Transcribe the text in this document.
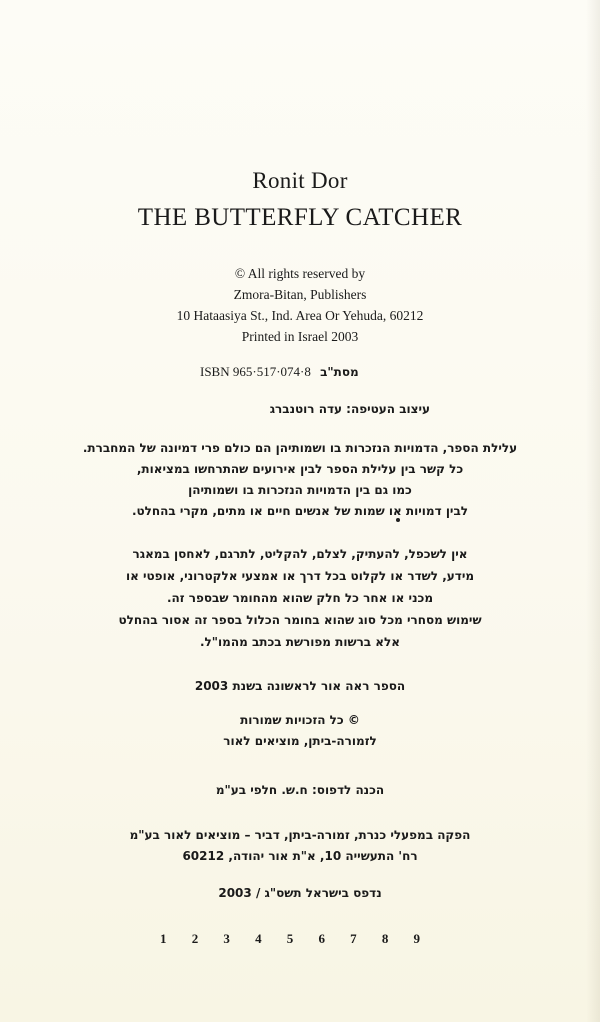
Ronit Dor
THE BUTTERFLY CATCHER
© All rights reserved by
Zmora-Bitan, Publishers
10 Hataasiya St., Ind. Area Or Yehuda, 60212
Printed in Israel 2003
ISBN 965·517·074·8 מסת"ב
עיצוב העטיפה: עדה רוטנברג
עלילת הספר, הדמויות הנזכרות בו ושמותיהן הם כולם פרי דמיונה של המחברת.
כל קשר בין עלילת הספר לבין אירועים שהתרחשו במציאות,
כמו גם בין הדמויות הנזכרות בו ושמותיהן
לבין דמויות או שמות של אנשים חיים או מתים, מקרי בהחלט.
אין לשכפל, להעתיק, לצלם, להקליט, לתרגם, לאחסן במאגר
מידע, לשדר או לקלוט בכל דרך או אמצעי אלקטרוני, אופטי או
מכני או אחר כל חלק שהוא מהחומר שבספר זה.
שימוש מסחרי מכל סוג שהוא בחומר הכלול בספר זה אסור בהחלט
אלא ברשות מפורשת בכתב מהמו"ל.
הספר ראה אור לראשונה בשנת 2003
© כל הזכויות שמורות
לזמורה-ביתן, מוציאים לאור
הכנה לדפוס: ח.ש. חלפי בע"מ
הפקה במפעלי כנרת, זמורה-ביתן, דביר – מוציאים לאור בע"מ
רח' התעשייה 10, א"ת אור יהודה, 60212
נדפס בישראל תשס"ג / 2003
1 2 3 4 5 6 7 8 9
